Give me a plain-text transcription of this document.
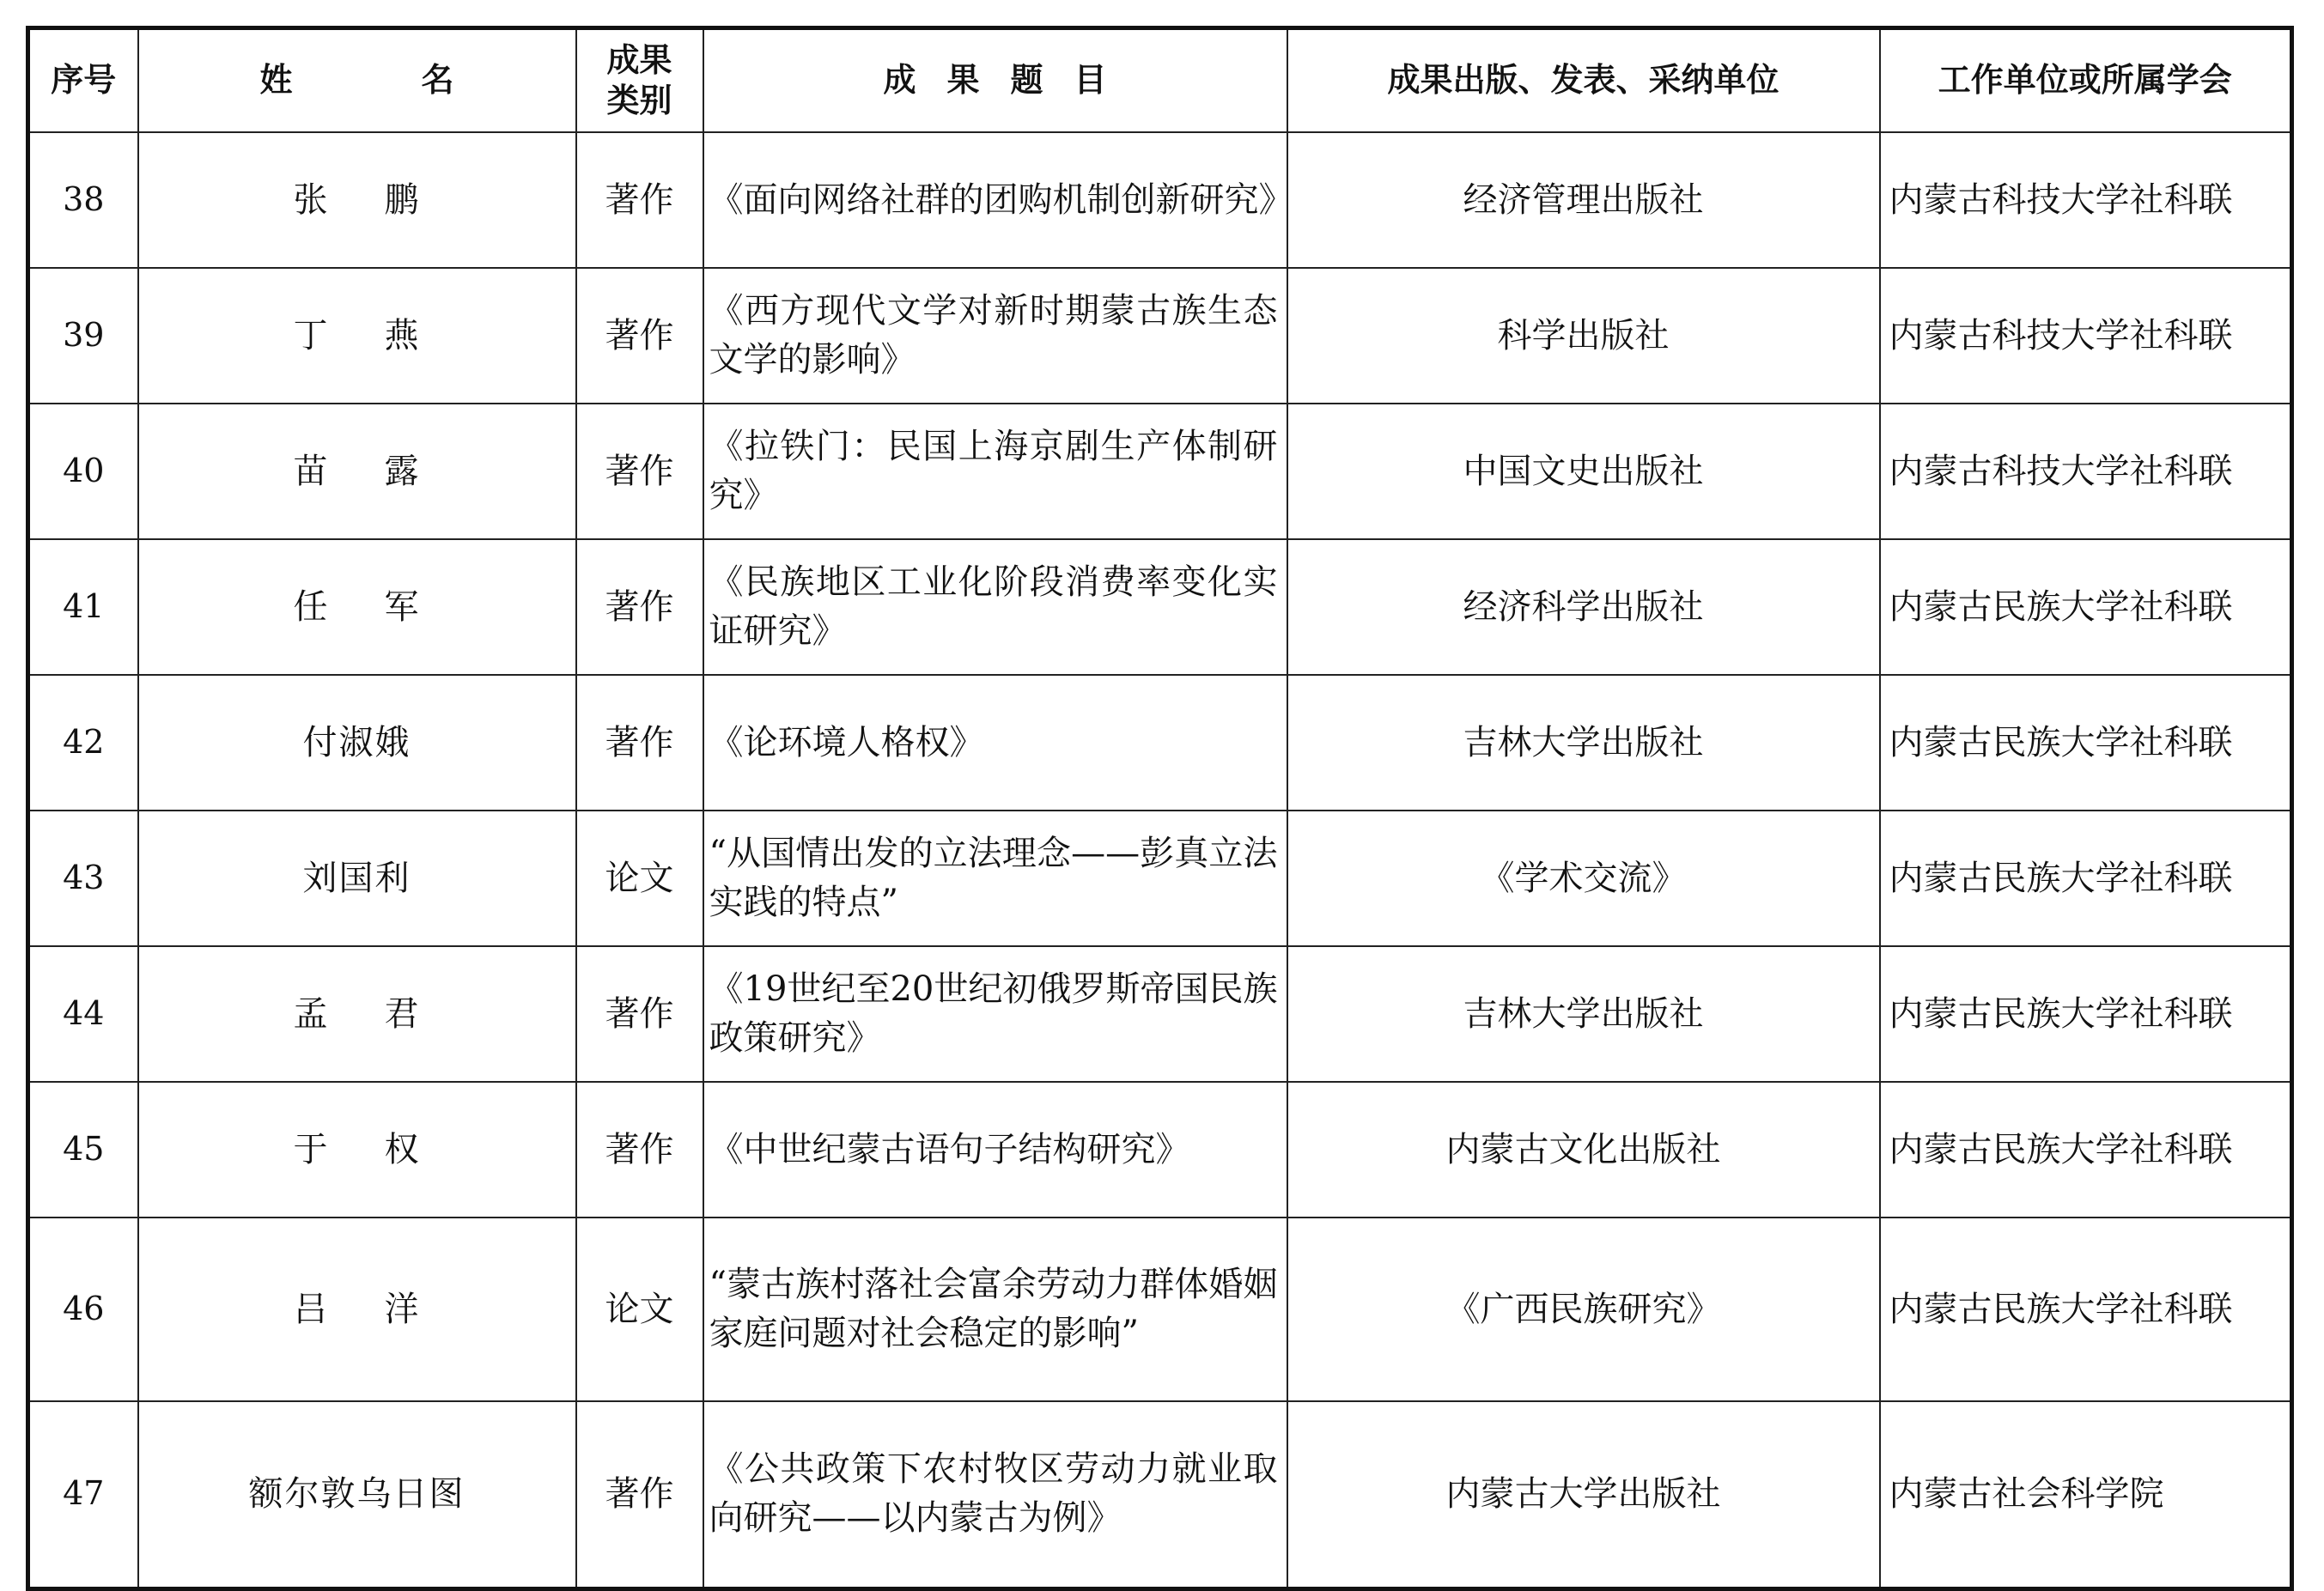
序号	姓 名	成果类别	成果题目	成果出版、发表、采纳单位	工作单位或所属学会
38	张 鹏	著作	《面向网络社群的团购机制创新研究》	经济管理出版社	内蒙古科技大学社科联
39	丁 燕	著作	《西方现代文学对新时期蒙古族生态文学的影响》	科学出版社	内蒙古科技大学社科联
40	苗 露	著作	《拉铁门：民国上海京剧生产体制研究》	中国文史出版社	内蒙古科技大学社科联
41	任 军	著作	《民族地区工业化阶段消费率变化实证研究》	经济科学出版社	内蒙古民族大学社科联
42	付淑娥	著作	《论环境人格权》	吉林大学出版社	内蒙古民族大学社科联
43	刘国利	论文	“从国情出发的立法理念——彭真立法实践的特点”	《学术交流》	内蒙古民族大学社科联
44	孟 君	著作	《19世纪至20世纪初俄罗斯帝国民族政策研究》	吉林大学出版社	内蒙古民族大学社科联
45	于 权	著作	《中世纪蒙古语句子结构研究》	内蒙古文化出版社	内蒙古民族大学社科联
46	吕 洋	论文	“蒙古族村落社会富余劳动力群体婚姻家庭问题对社会稳定的影响”	《广西民族研究》	内蒙古民族大学社科联
47	额尔敦乌日图	著作	《公共政策下农村牧区劳动力就业取向研究——以内蒙古为例》	内蒙古大学出版社	内蒙古社会科学院
